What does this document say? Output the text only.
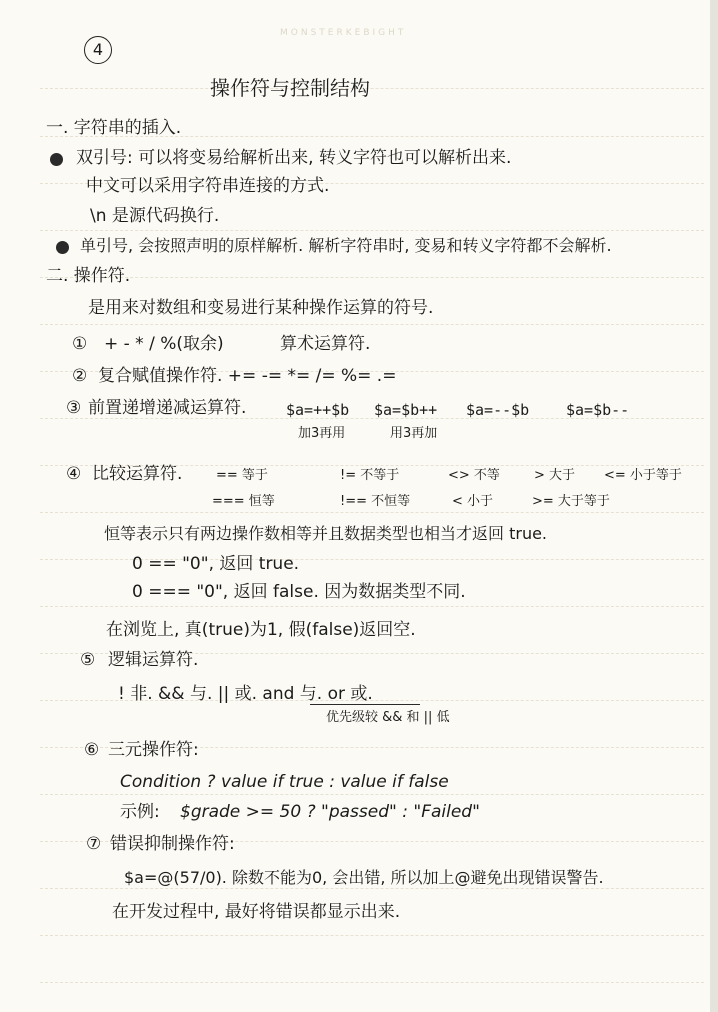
MONSTERKEBIGHT
4
操作符与控制结构
一. 字符串的插入.
双引号: 可以将变易给解析出来, 转义字符也可以解析出来.
中文可以采用字符串连接的方式.
\n 是源代码换行.
单引号, 会按照声明的原样解析. 解析字符串时, 变易和转义字符都不会解析.
二. 操作符.
是用来对数组和变易进行某种操作运算的符号.
① + - * / %(取余)	算术运算符.
② 复合赋值操作符. += -= *= /= %= .=
③ 前置递增递减运算符.	$a=++$b $a=$b++ $a=--$b $a=$b--
加3再用	用3再加
④ 比较运算符.	== 等于	!= 不等于	<> 不等	> 大于 <= 小于等于
=== 恒等	!== 不恒等	< 小于	>= 大于等于
恒等表示只有两边操作数相等并且数据类型也相当才返回 true.
0 == "0", 返回 true.
0 === "0", 返回 false. 因为数据类型不同.
在浏览上, 真(true)为1, 假(false)返回空.
⑤ 逻辑运算符.
! 非. && 与. || 或. and 与. or 或.
优先级较 && 和 || 低
⑥ 三元操作符:
Condition ? value if true : value if false
示例: $grade >= 50 ? "passed" : "Failed"
⑦ 错误抑制操作符:
$a=@(57/0). 除数不能为0, 会出错, 所以加上@避免出现错误警告.
在开发过程中, 最好将错误都显示出来.
